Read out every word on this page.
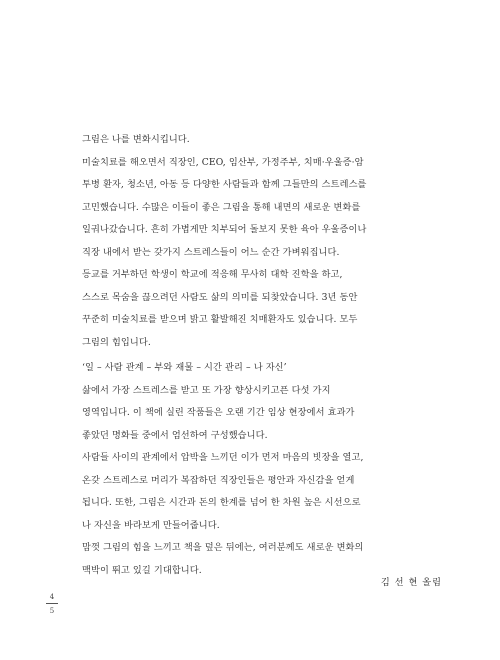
그림은 나를 변화시킵니다.
미술치료를 해오면서 직장인, CEO, 임산부, 가정주부, 치매·우울증·암
투병 환자, 청소년, 아동 등 다양한 사람들과 함께 그들만의 스트레스를
고민했습니다. 수많은 이들이 좋은 그림을 통해 내면의 새로운 변화를
일궈나갔습니다. 흔히 가볍게만 치부되어 돌보지 못한 육아 우울증이나
직장 내에서 받는 갖가지 스트레스들이 어느 순간 가벼워집니다.
등교를 거부하던 학생이 학교에 적응해 무사히 대학 진학을 하고,
스스로 목숨을 끊으려던 사람도 삶의 의미를 되찾았습니다. 3년 동안
꾸준히 미술치료를 받으며 밝고 활발해진 치매환자도 있습니다. 모두
그림의 힘입니다.
‘일 – 사람 관계 – 부와 재물 – 시간 관리 – 나 자신’
삶에서 가장 스트레스를 받고 또 가장 향상시키고픈 다섯 가지
영역입니다. 이 책에 실린 작품들은 오랜 기간 임상 현장에서 효과가
좋았던 명화들 중에서 엄선하여 구성했습니다.
사람들 사이의 관계에서 압박을 느끼던 이가 먼저 마음의 빗장을 열고,
온갖 스트레스로 머리가 복잡하던 직장인들은 평안과 자신감을 얻게
됩니다. 또한, 그림은 시간과 돈의 한계를 넘어 한 차원 높은 시선으로
나 자신을 바라보게 만들어줍니다.
맘껏 그림의 힘을 느끼고 책을 덮은 뒤에는, 여러분께도 새로운 변화의
맥박이 뛰고 있길 기대합니다.
김 선 현 올림
4
5
